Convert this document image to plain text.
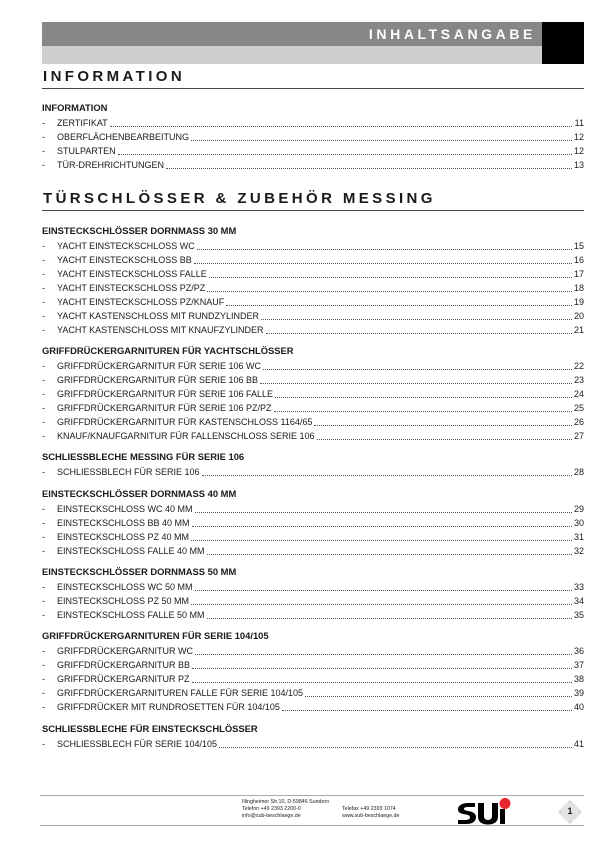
INHALTSANGABE
INFORMATION
INFORMATION
-	ZERTIFIKAT	11
-	OBERFLÄCHENBEARBEITUNG	12
-	STULPARTEN	12
-	TÜR-DREHRICHTUNGEN	13
TÜRSCHLÖSSER & ZUBEHÖR MESSING
EINSTECKSCHLÖSSER DORNMASS 30 MM
-	YACHT EINSTECKSCHLOSS WC	15
-	YACHT EINSTECKSCHLOSS BB	16
-	YACHT EINSTECKSCHLOSS FALLE	17
-	YACHT EINSTECKSCHLOSS PZ/PZ	18
-	YACHT EINSTECKSCHLOSS PZ/KNAUF	19
-	YACHT KASTENSCHLOSS MIT RUNDZYLINDER	20
-	YACHT KASTENSCHLOSS MIT KNAUFZYLINDER	21
GRIFFDRÜCKERGARNITUREN FÜR YACHTSCHLÖSSER
-	GRIFFDRÜCKERGARNITUR FÜR SERIE 106 WC	22
-	GRIFFDRÜCKERGARNITUR FÜR SERIE 106 BB	23
-	GRIFFDRÜCKERGARNITUR FÜR SERIE 106 FALLE	24
-	GRIFFDRÜCKERGARNITUR FÜR SERIE 106 PZ/PZ	25
-	GRIFFDRÜCKERGARNITUR FÜR KASTENSCHLOSS 1164/65	26
-	KNAUF/KNAUFGARNITUR FÜR FALLENSCHLOSS SERIE 106	27
SCHLIESSBLECHE MESSING FÜR SERIE 106
-	SCHLIESSBLECH FÜR SERIE 106	28
EINSTECKSCHLÖSSER DORNMASS 40 MM
-	EINSTECKSCHLOSS WC 40 MM	29
-	EINSTECKSCHLOSS BB 40 MM	30
-	EINSTECKSCHLOSS PZ 40 MM	31
-	EINSTECKSCHLOSS FALLE 40 MM	32
EINSTECKSCHLÖSSER DORNMASS 50 MM
-	EINSTECKSCHLOSS WC 50 MM	33
-	EINSTECKSCHLOSS PZ 50 MM	34
-	EINSTECKSCHLOSS FALLE 50 MM	35
GRIFFDRÜCKERGARNITUREN FÜR SERIE 104/105
-	GRIFFDRÜCKERGARNITUR WC	36
-	GRIFFDRÜCKERGARNITUR BB	37
-	GRIFFDRÜCKERGARNITUR PZ	38
-	GRIFFDRÜCKERGARNITUREN FALLE FÜR SERIE 104/105	39
-	GRIFFDRÜCKER MIT RUNDROSETTEN FÜR 104/105	40
SCHLIESSBLECHE FÜR EINSTECKSCHLÖSSER
-	SCHLIESSBLECH FÜR SERIE 104/105	41
Illingheimer Str.10, D-59846 Sundern
Telefon +49 2393 2200-0	Telefax +49 2393 1074
info@sub-beschlaege.de	www.sub-beschlaege.de	1
